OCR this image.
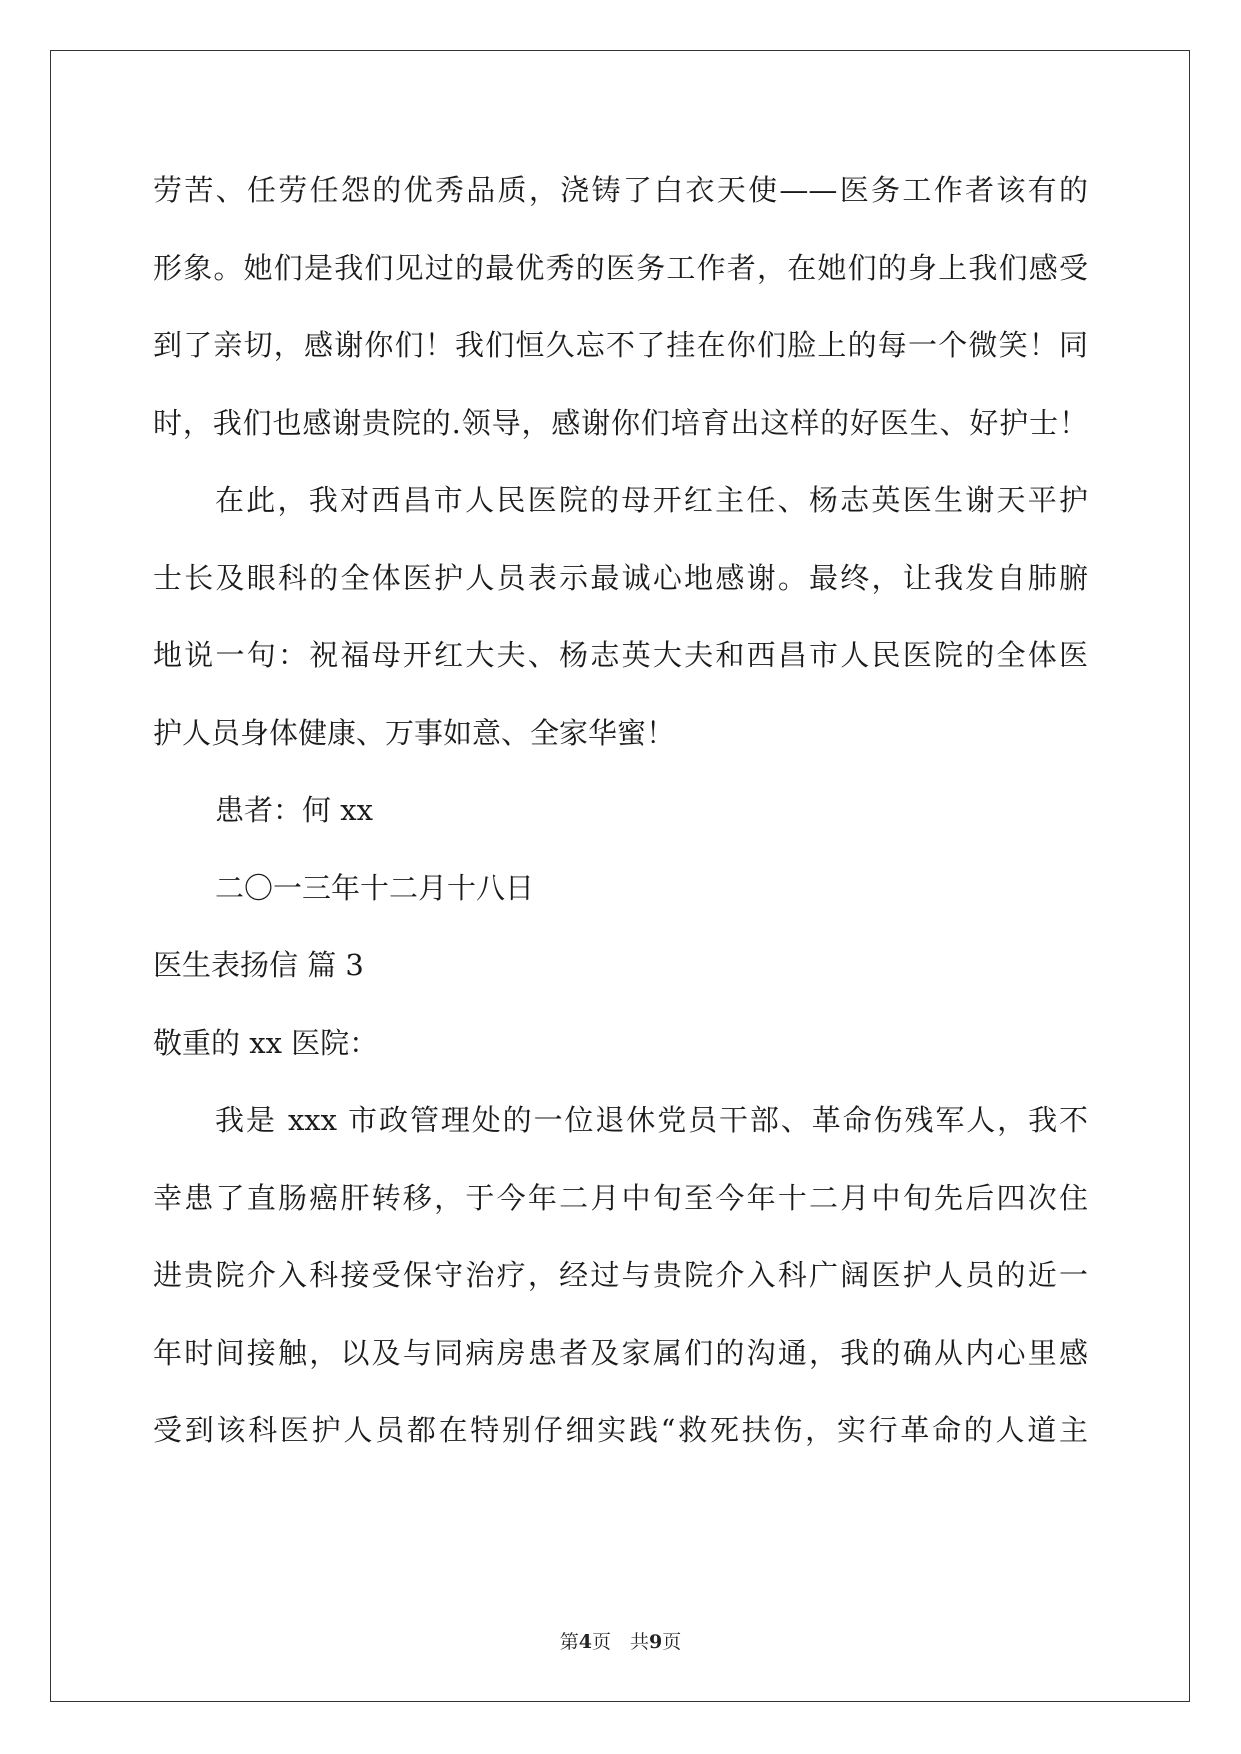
劳苦、任劳任怨的优秀品质，浇铸了白衣天使——医务工作者该有的
形象。她们是我们见过的最优秀的医务工作者，在她们的身上我们感受
到了亲切，感谢你们！我们恒久忘不了挂在你们脸上的每一个微笑！同
时，我们也感谢贵院的.领导，感谢你们培育出这样的好医生、好护士！
在此，我对西昌市人民医院的母开红主任、杨志英医生谢天平护
士长及眼科的全体医护人员表示最诚心地感谢。最终，让我发自肺腑
地说一句：祝福母开红大夫、杨志英大夫和西昌市人民医院的全体医
护人员身体健康、万事如意、全家华蜜！
患者：何 xx
二〇一三年十二月十八日
医生表扬信 篇 3
敬重的 xx 医院：
我是 xxx 市政管理处的一位退休党员干部、革命伤残军人，我不
幸患了直肠癌肝转移，于今年二月中旬至今年十二月中旬先后四次住
进贵院介入科接受保守治疗，经过与贵院介入科广阔医护人员的近一
年时间接触，以及与同病房患者及家属们的沟通，我的确从内心里感
受到该科医护人员都在特别仔细实践“救死扶伤，实行革命的人道主
第4页　共9页
